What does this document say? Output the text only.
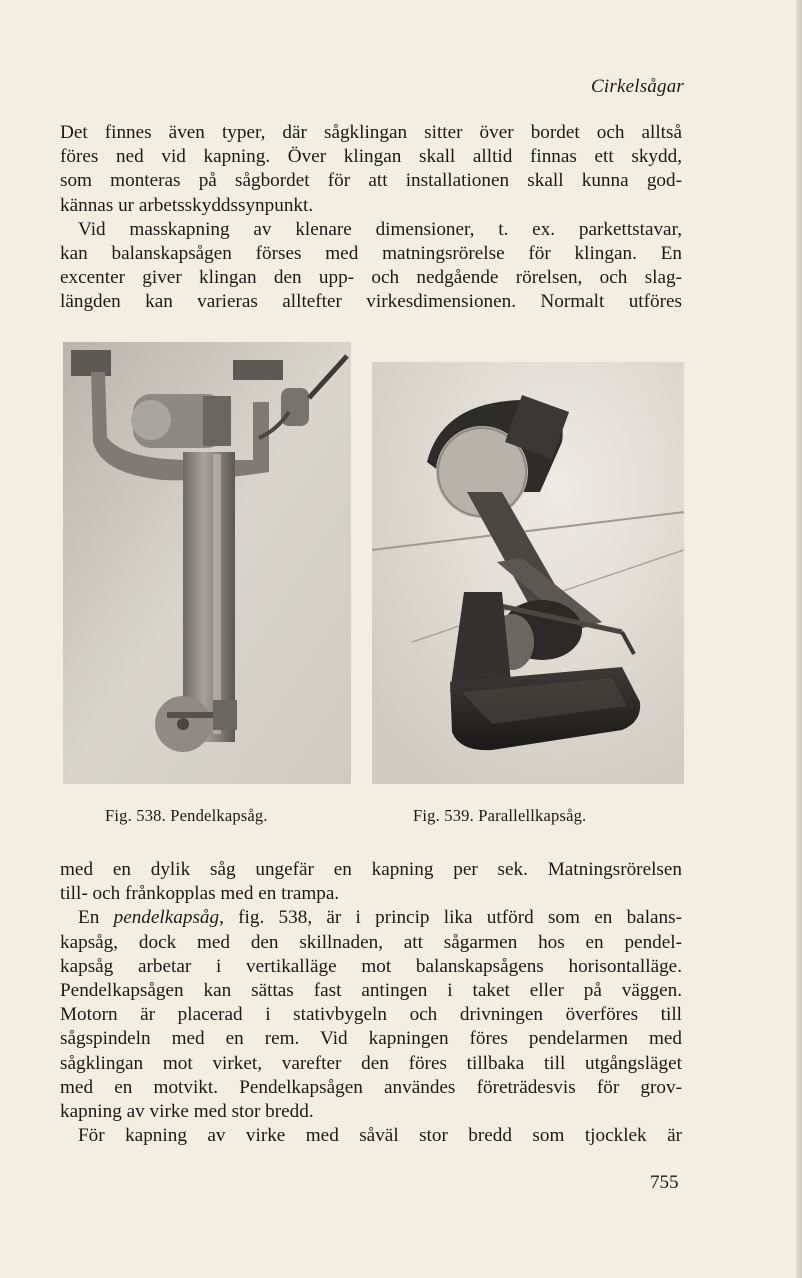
Cirkelsågar
Det finnes även typer, där sågklingan sitter över bordet och alltså
föres ned vid kapning. Över klingan skall alltid finnas ett skydd,
som monteras på sågbordet för att installationen skall kunna god-
kännas ur arbetsskyddssynpunkt.
Vid masskapning av klenare dimensioner, t. ex. parkettstavar,
kan balanskapsågen förses med matningsrörelse för klingan. En
excenter giver klingan den upp- och nedgående rörelsen, och slag-
längden kan varieras alltefter virkesdimensionen. Normalt utföres
Fig. 538. Pendelkapsåg.	Fig. 539. Parallellkapsåg.
med en dylik såg ungefär en kapning per sek. Matningsrörelsen
till- och frånkopplas med en trampa.
En pendelkapsåg, fig. 538, är i princip lika utförd som en balans-
kapsåg, dock med den skillnaden, att sågarmen hos en pendel-
kapsåg arbetar i vertikalläge mot balanskapsågens horisontalläge.
Pendelkapsågen kan sättas fast antingen i taket eller på väggen.
Motorn är placerad i stativbygeln och drivningen överföres till
sågspindeln med en rem. Vid kapningen föres pendelarmen med
sågklingan mot virket, varefter den föres tillbaka till utgångsläget
med en motvikt. Pendelkapsågen användes företrädesvis för grov-
kapning av virke med stor bredd.
För kapning av virke med såväl stor bredd som tjocklek är
755
